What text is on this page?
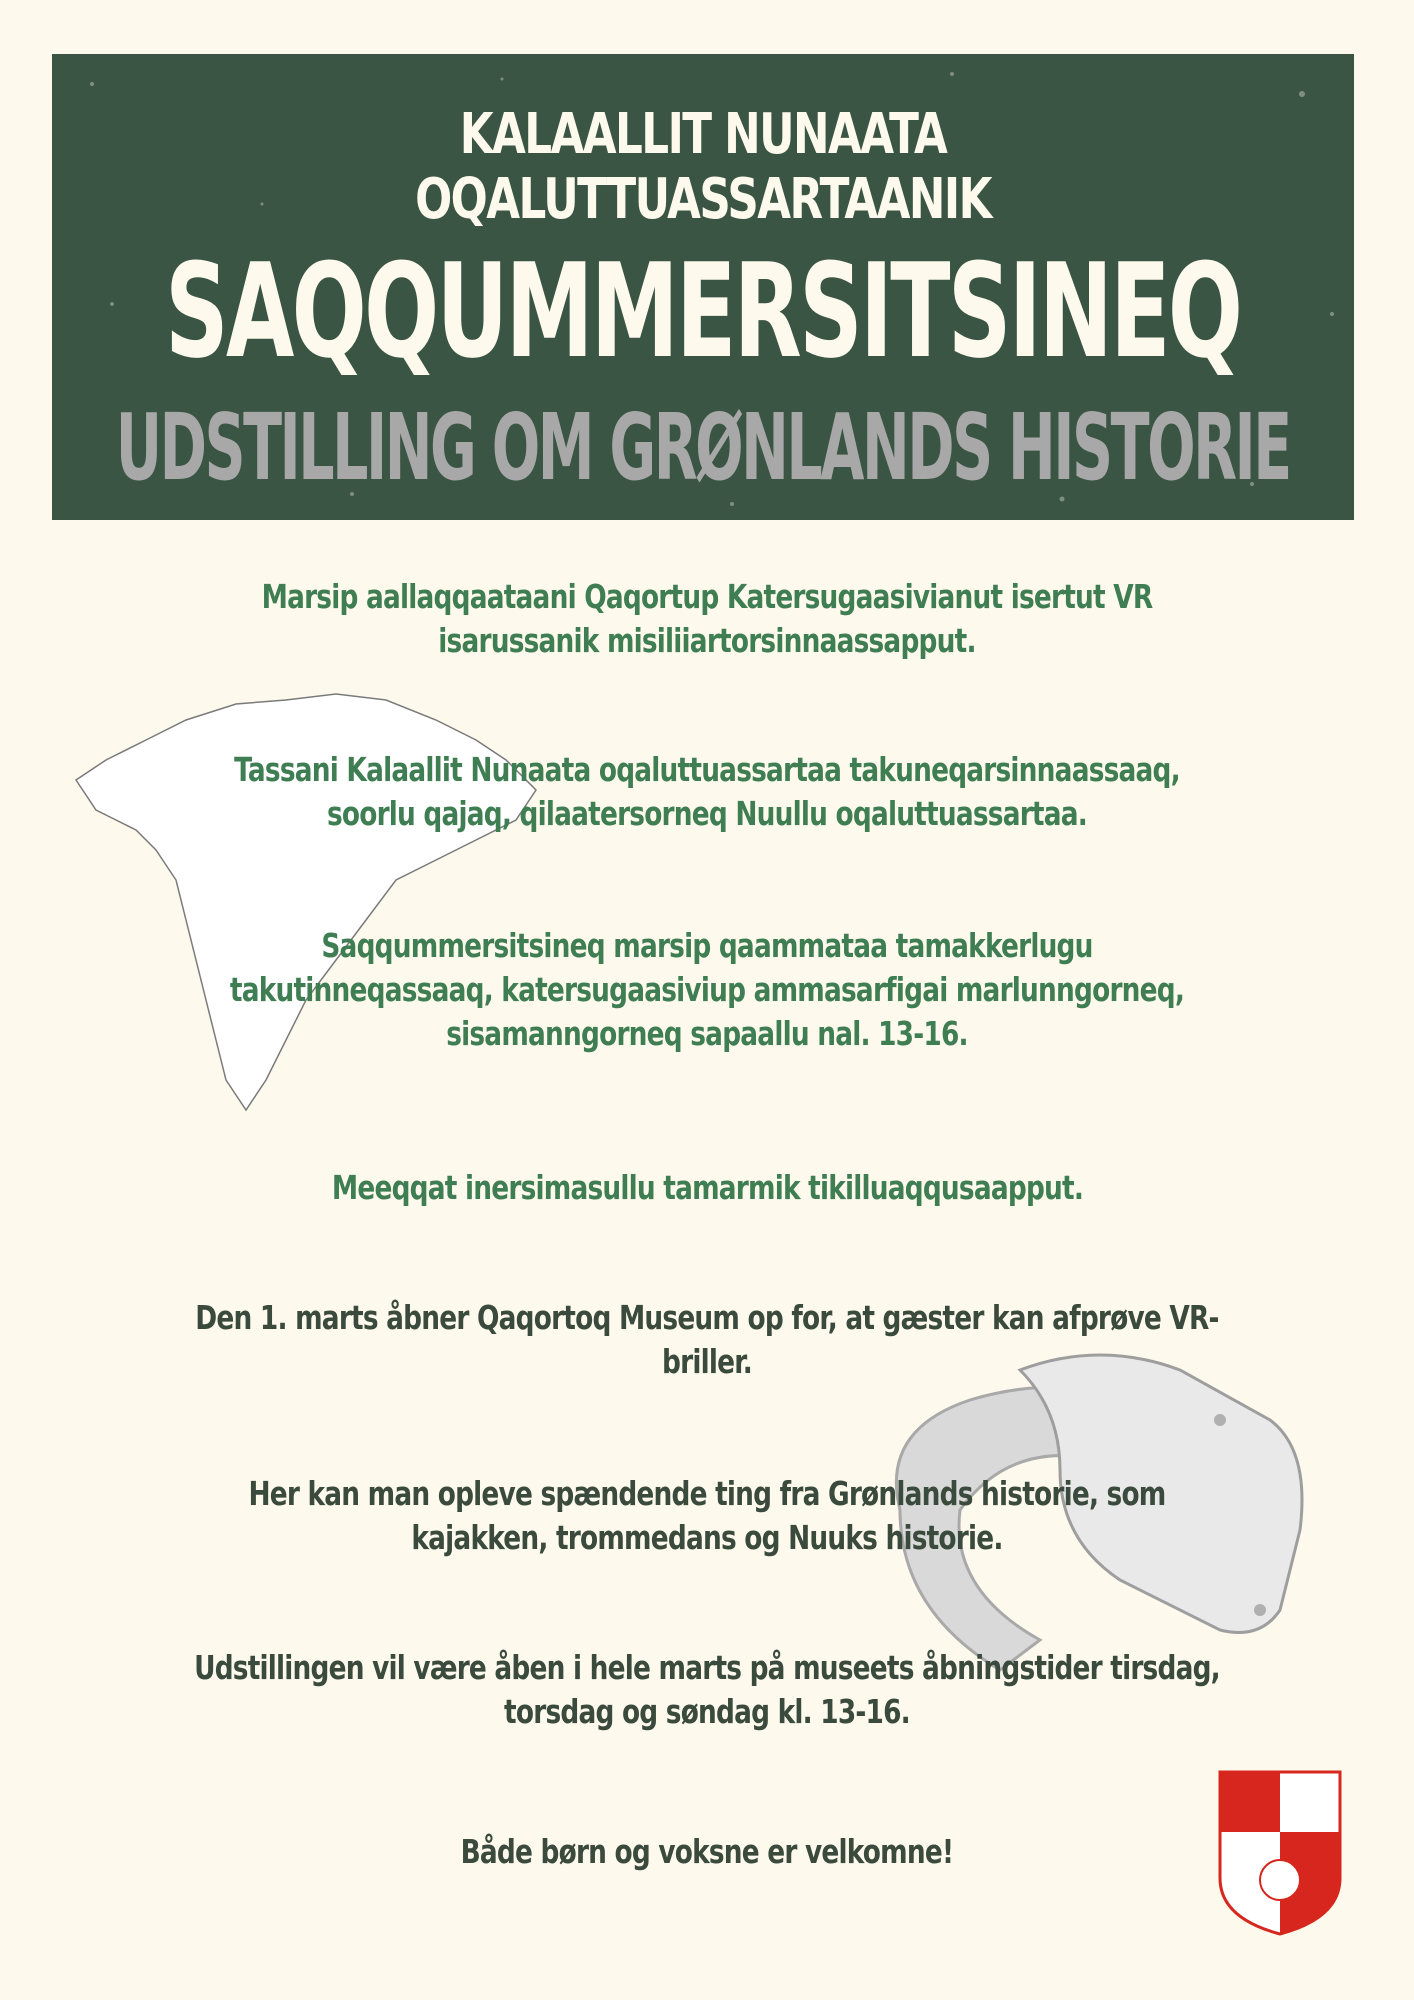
KALAALLIT NUNAATA OQALUTTUASSARTAANIK
SAQQUMMERSITSINEQ
UDSTILLING OM GRØNLANDS HISTORIE

Marsip aallaqqaataani Qaqortup Katersugaasivianut isertut VR isarussanik misiliiartorsinnaassapput.

Tassani Kalaallit Nunaata oqaluttuassartaa takuneqarsinnaassaaq, soorlu qajaq, qilaatersorneq Nuullu oqaluttuassartaa.

Saqqummersitsineq marsip qaammataa tamakkerlugu takutinneqassaaq, katersugaasiviup ammasarfigai marlunngorneq, sisamanngorneq sapaallu nal. 13-16.

Meeqqat inersimasullu tamarmik tikilluaqqusaapput.

Den 1. marts åbner Qaqortoq Museum op for, at gæster kan afprøve VR-briller.

Her kan man opleve spændende ting fra Grønlands historie, som kajakken, trommedans og Nuuks historie.

Udstillingen vil være åben i hele marts på museets åbningstider tirsdag, torsdag og søndag kl. 13-16.

Både børn og voksne er velkomne!
